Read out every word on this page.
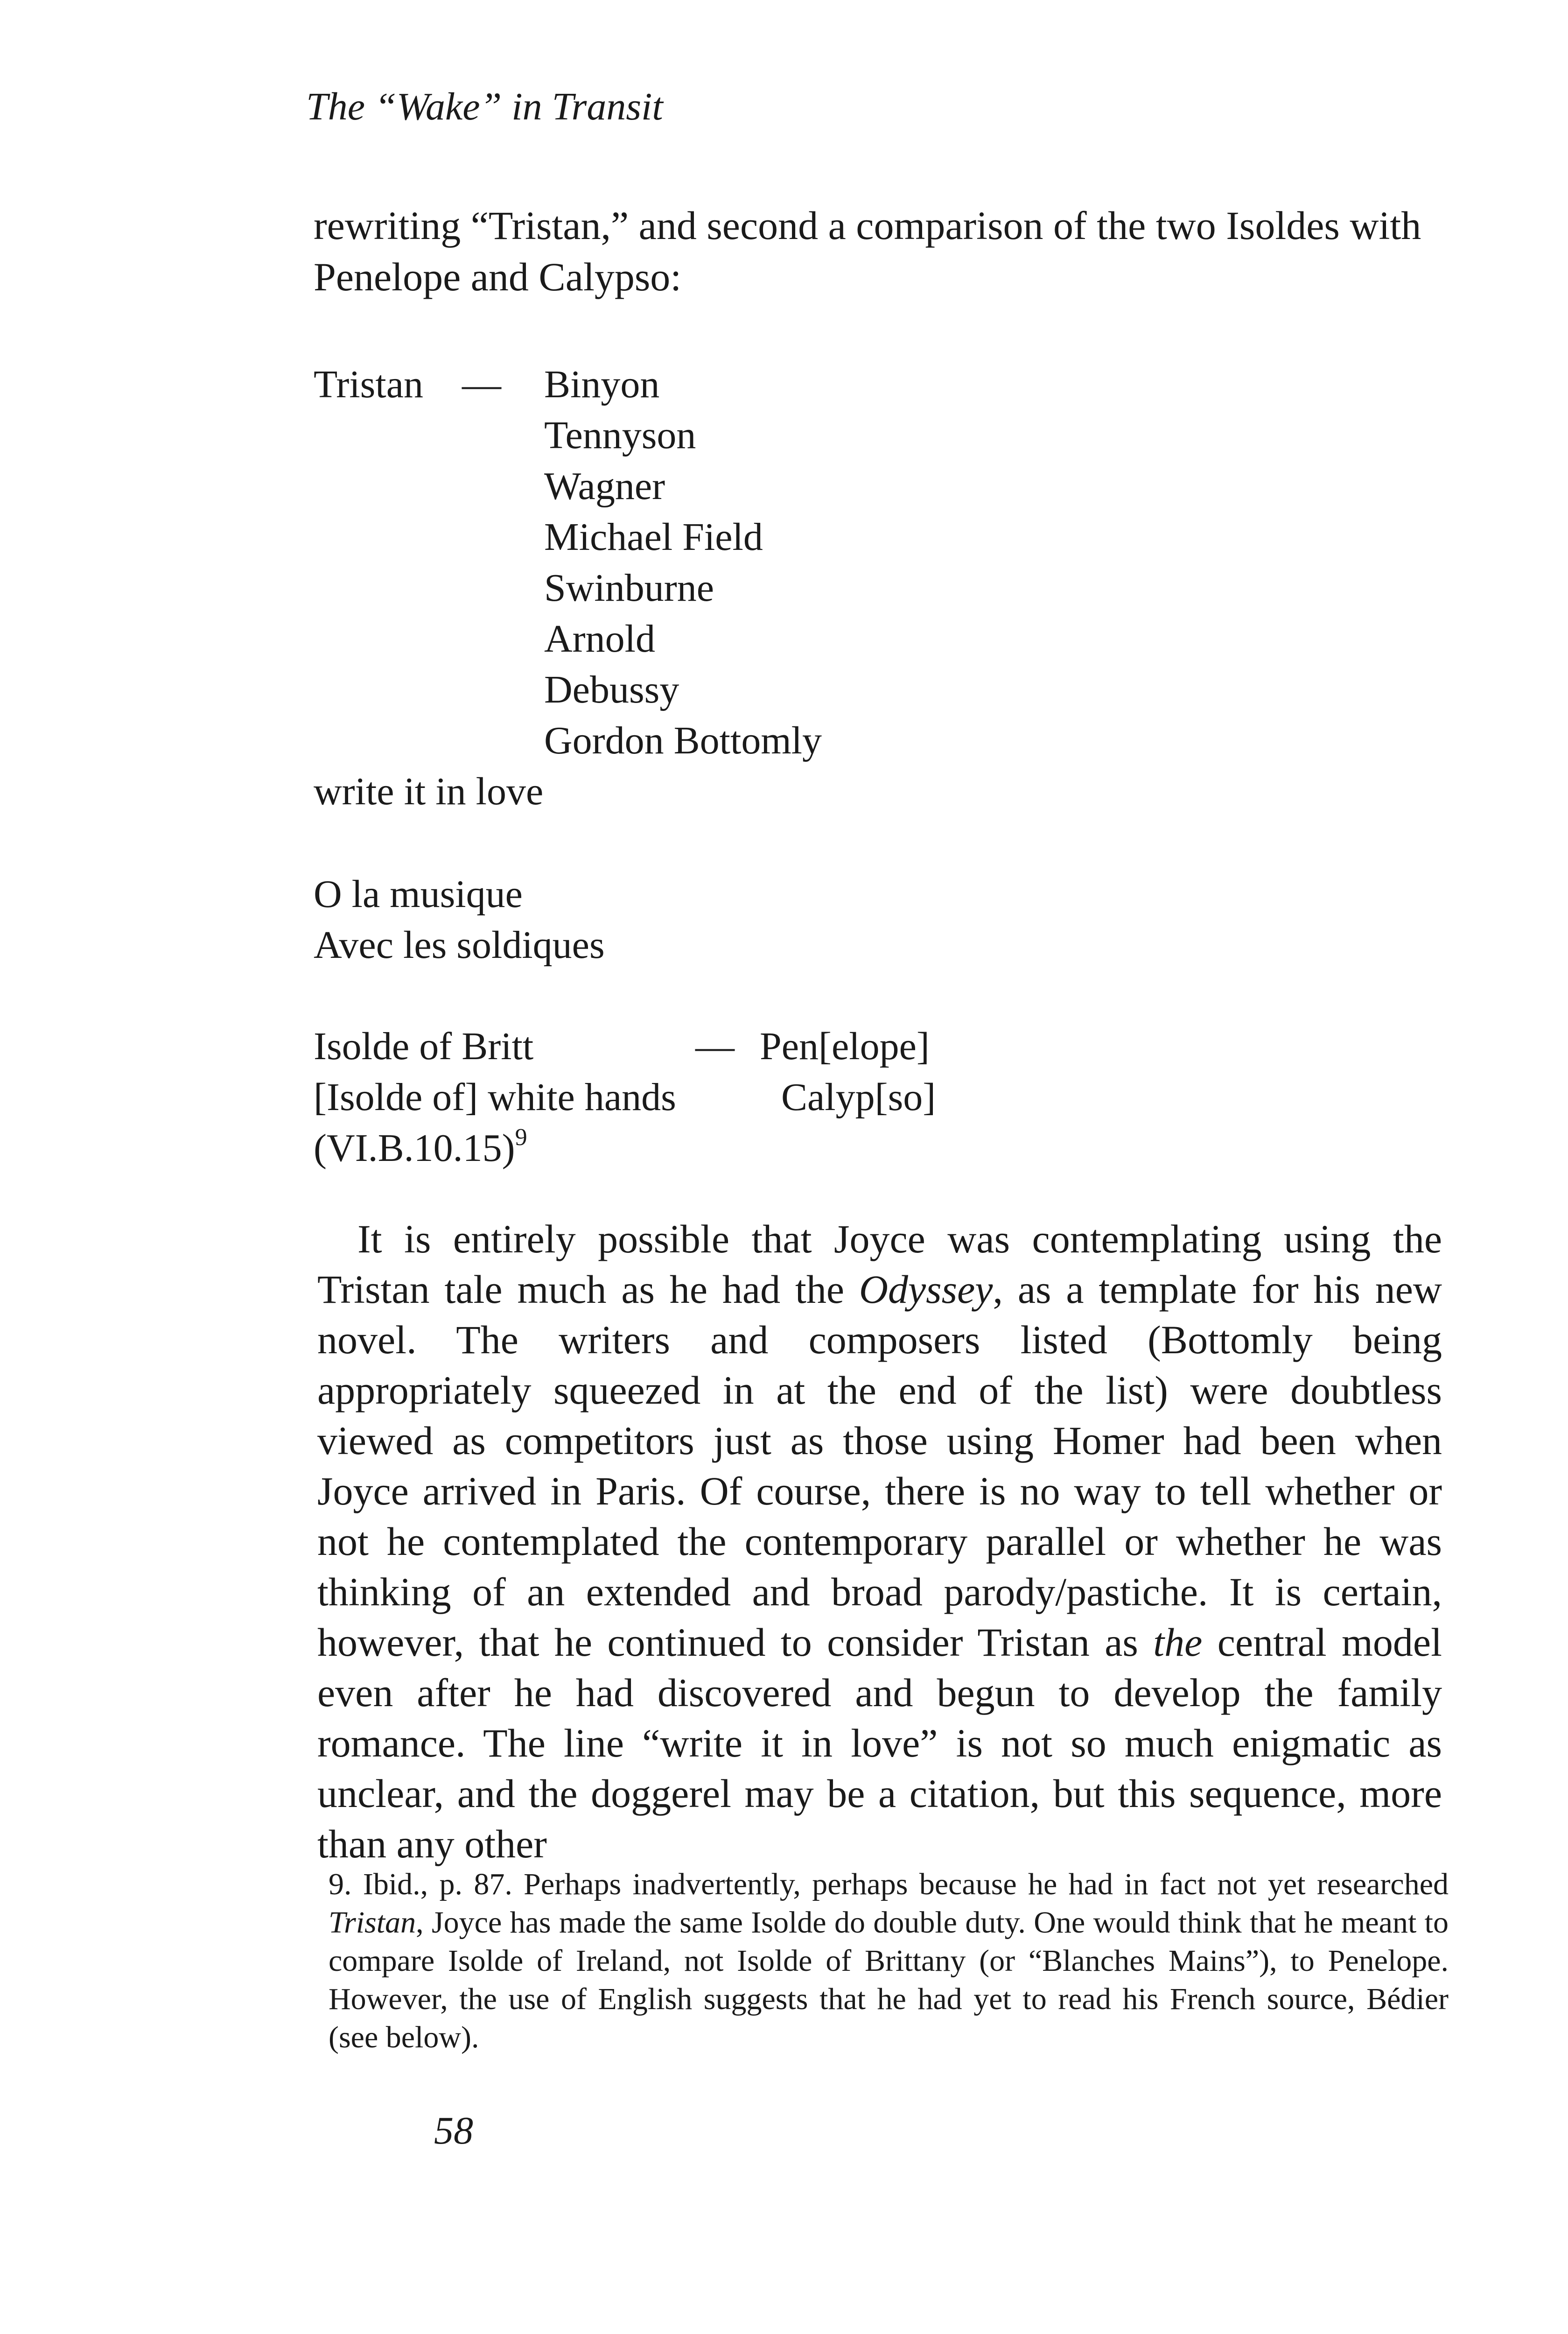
The “Wake” in Transit

rewriting “Tristan,” and second a comparison of the two Isoldes with

Penelope and Calypso:

Tristan — Binyon
Tennyson
Wagner
Michael Field
Swinburne
Arnold
Debussy
Gordon Bottomly
write it in love
O la musique
Avec les soldiques
Isolde of Britt	— Pen[elope]
[Isolde of] white hands	Calyp[so]
$(VI.B.10.15)^9$

It is entirely possible that Joyce was contemplating using the Tristan tale much as he had the Odyssey, as a template for his new novel. The writers and composers listed (Bottomly being appropriately squeezed in at the end of the list) were doubtless viewed as competitors just as those using Homer had been when Joyce arrived in Paris. Of course, there is no way to tell whether or not he contemplated the contemporary parallel or whether he was thinking of an extended and broad parody/pastiche. It is certain, however, that he continued to consider Tristan as the central model even after he had discovered and begun to develop the family romance. The line “write it in love” is not so much enigmatic as unclear, and the doggerel may be a citation, but this sequence, more than any other

9. Ibid., p. 87. Perhaps inadvertently, perhaps because he had in fact not yet researched Tristan, Joyce has made the same Isolde do double duty. One would think that he meant to compare Isolde of Ireland, not Isolde of Brittany (or “Blanches Mains”), to Penelope. However, the use of English suggests that he had yet to read his French source, Bédier (see below).

58
